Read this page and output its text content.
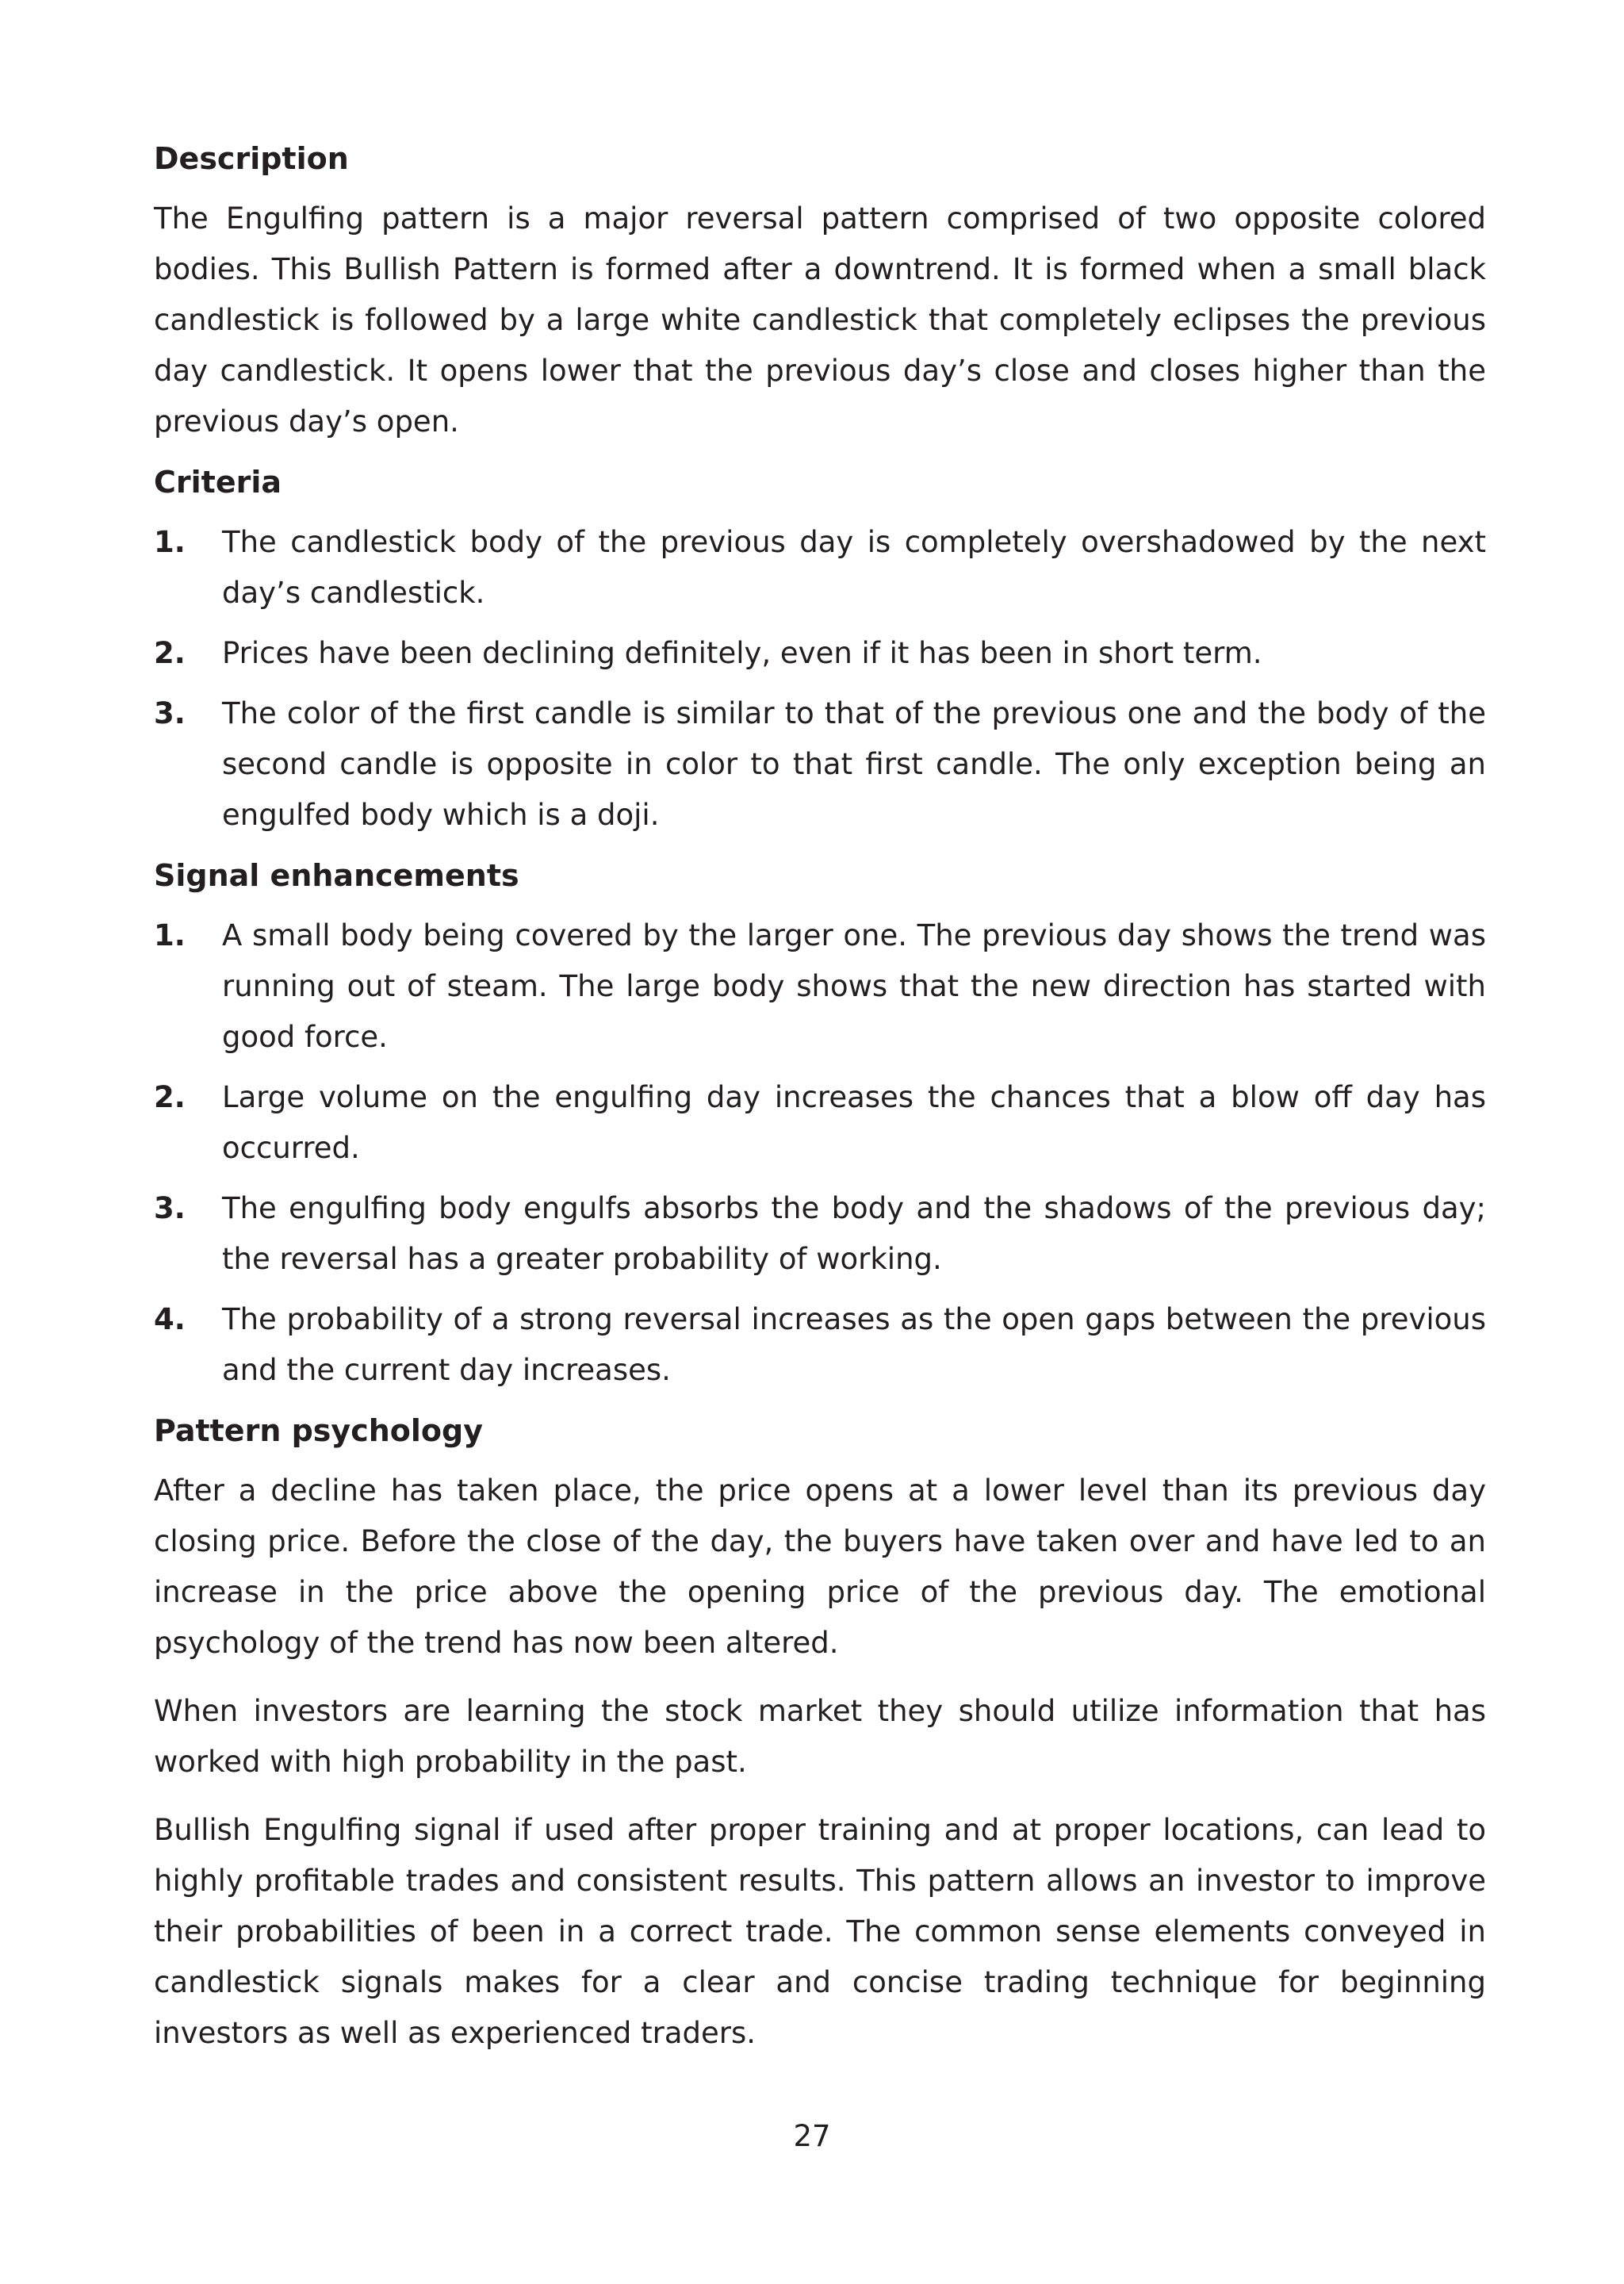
Description

The Engulfing pattern is a major reversal pattern comprised of two opposite colored bodies. This Bullish Pattern is formed after a downtrend. It is formed when a small black candlestick is followed by a large white candlestick that completely eclipses the previous day candlestick. It opens lower that the previous day’s close and closes higher than the previous day’s open.

Criteria
1. The candlestick body of the previous day is completely overshadowed by the next day’s candlestick.
2. Prices have been declining definitely, even if it has been in short term.
3. The color of the first candle is similar to that of the previous one and the body of the second candle is opposite in color to that first candle. The only exception being an engulfed body which is a doji.
Signal enhancements
1. A small body being covered by the larger one. The previous day shows the trend was running out of steam. The large body shows that the new direction has started with good force.
2. Large volume on the engulfing day increases the chances that a blow off day has occurred.
3. The engulfing body engulfs absorbs the body and the shadows of the previous day; the reversal has a greater probability of working.
4. The probability of a strong reversal increases as the open gaps between the previous and the current day increases.
Pattern psychology

After a decline has taken place, the price opens at a lower level than its previous day closing price. Before the close of the day, the buyers have taken over and have led to an increase in the price above the opening price of the previous day. The emotional psychology of the trend has now been altered.

When investors are learning the stock market they should utilize information that has worked with high probability in the past.

Bullish Engulfing signal if used after proper training and at proper locations, can lead to highly profitable trades and consistent results. This pattern allows an investor to improve their probabilities of been in a correct trade. The common sense elements conveyed in candlestick signals makes for a clear and concise trading technique for beginning investors as well as experienced traders.

27
